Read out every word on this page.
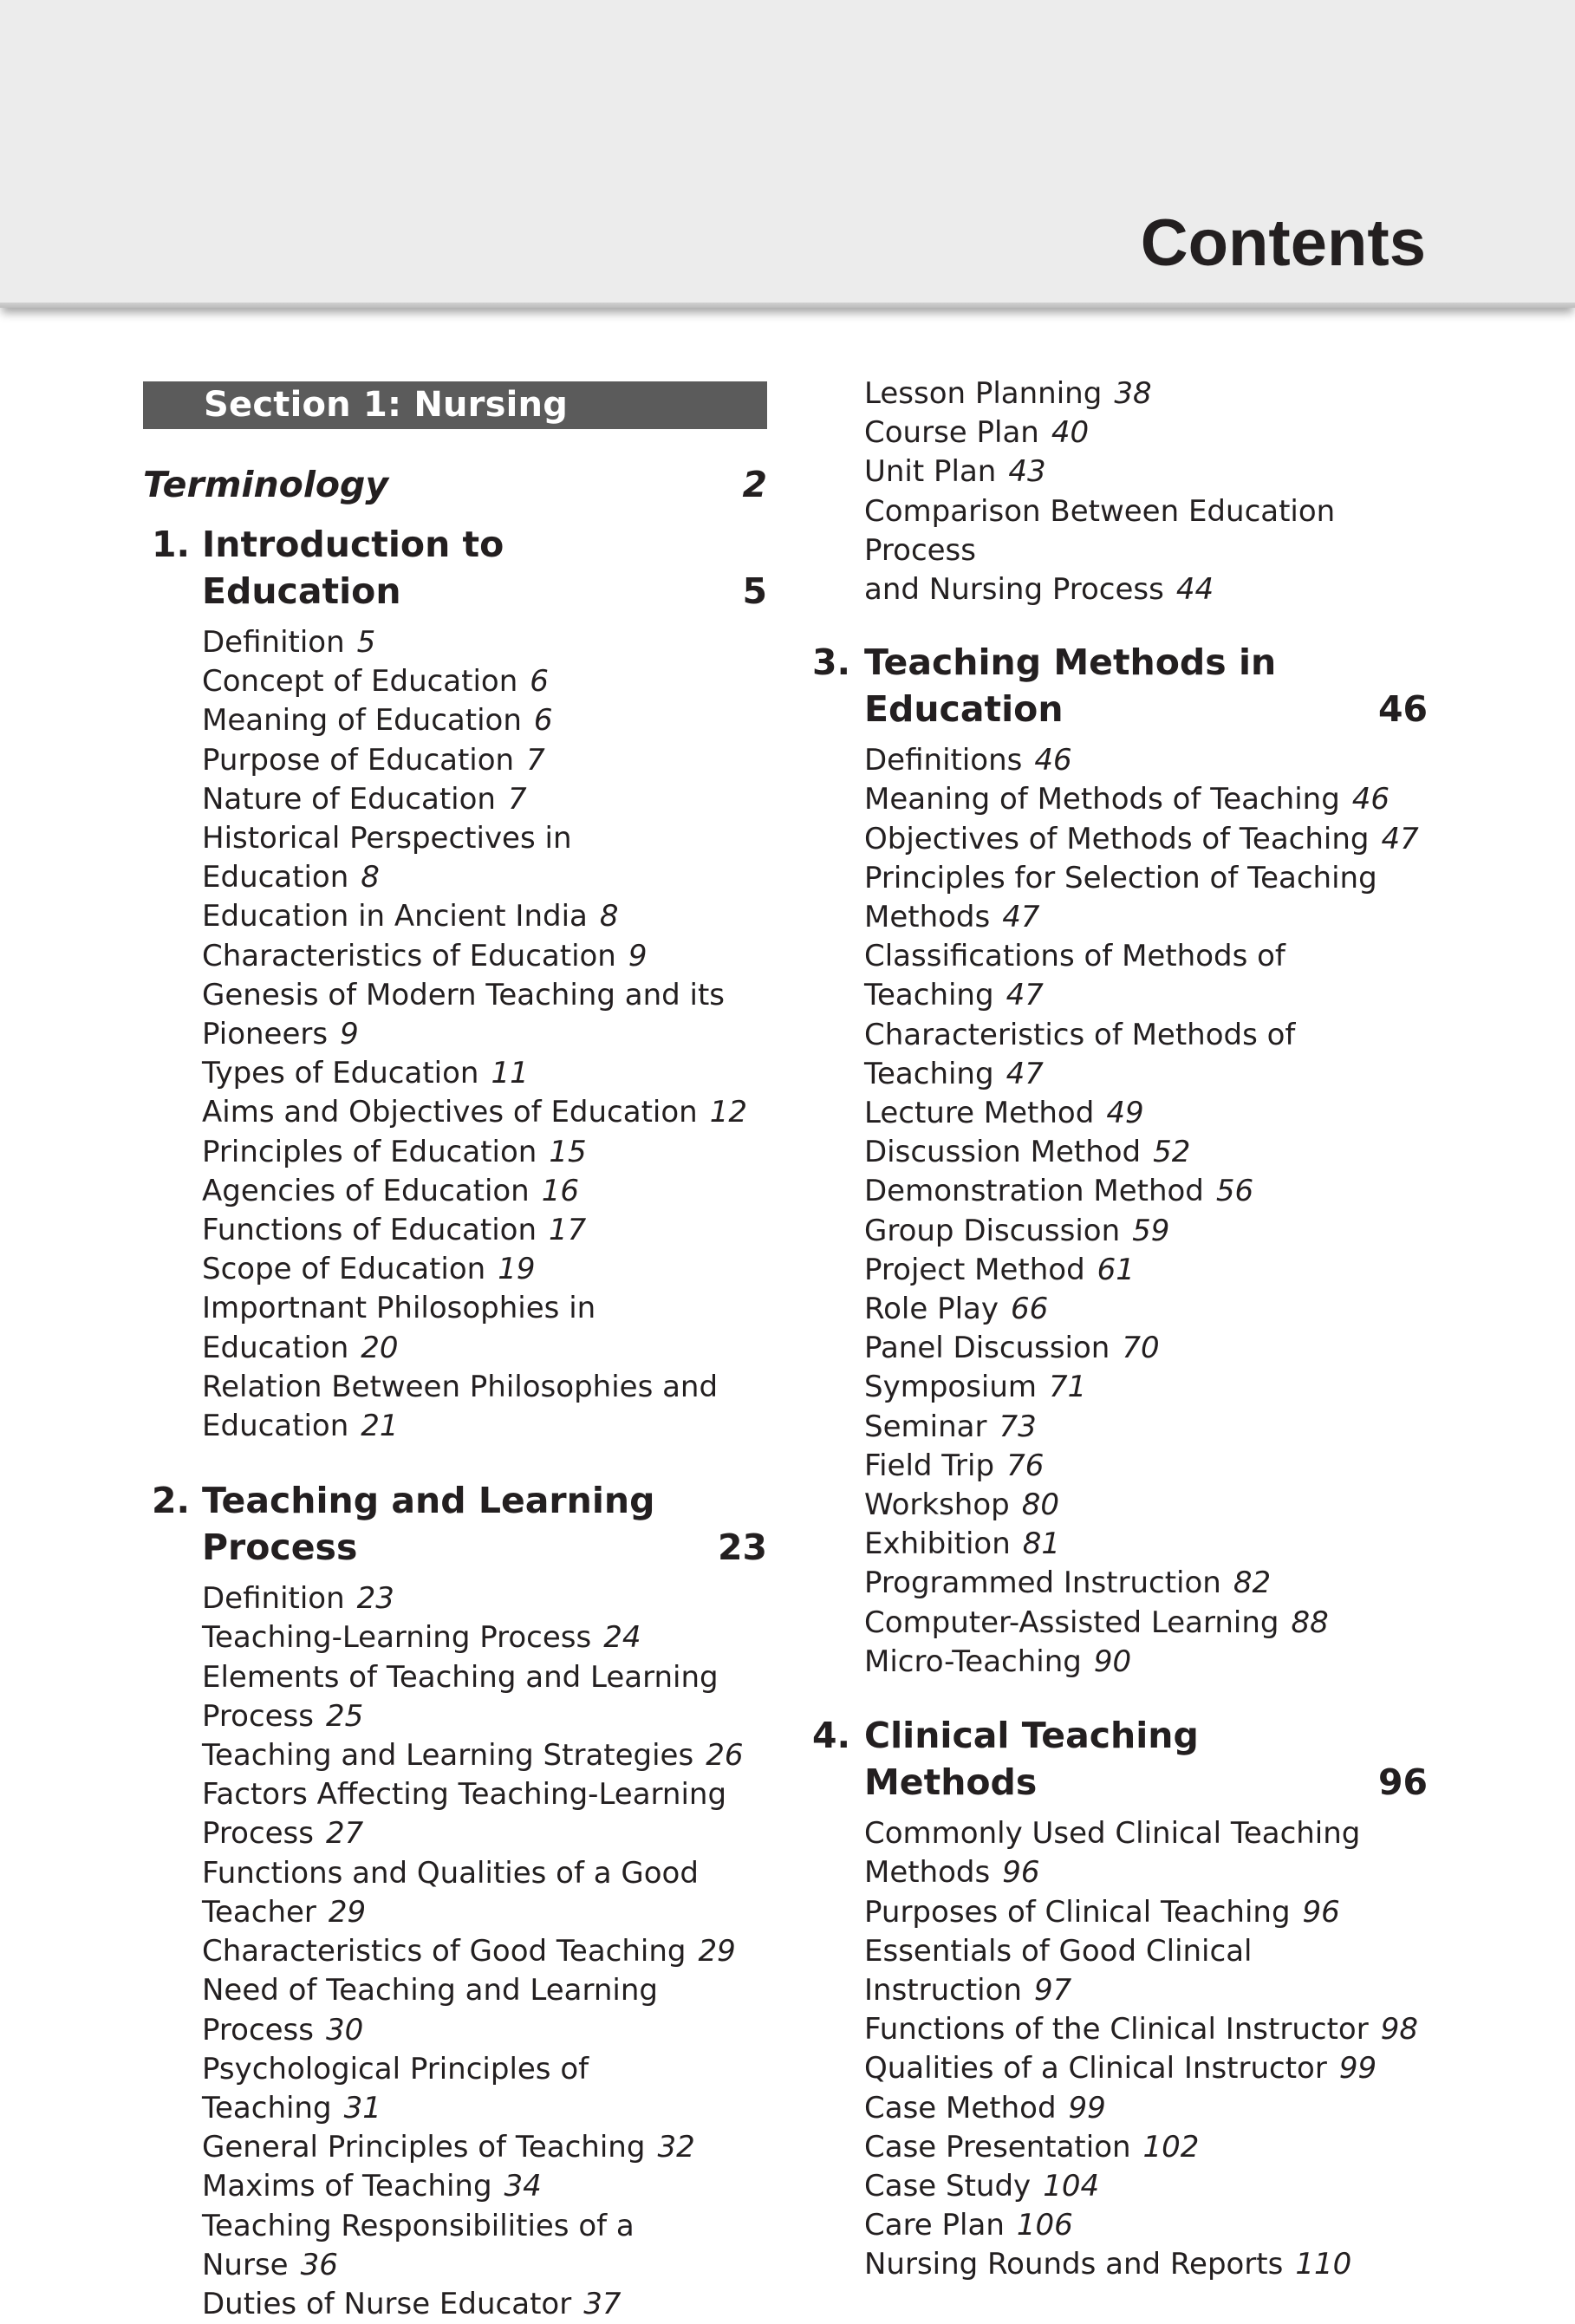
Contents
Section 1: Nursing Education
Terminology	2
1. Introduction to Education	5
Definition 5
Concept of Education 6
Meaning of Education 6
Purpose of Education 7
Nature of Education 7
Historical Perspectives in Education 8
Education in Ancient India 8
Characteristics of Education 9
Genesis of Modern Teaching and its
Pioneers 9
Types of Education 11
Aims and Objectives of Education 12
Principles of Education 15
Agencies of Education 16
Functions of Education 17
Scope of Education 19
Importnant Philosophies in Education 20
Relation Between Philosophies and
Education 21
2. Teaching and Learning
Process	23
Definition 23
Teaching-Learning Process 24
Elements of Teaching and Learning
Process 25
Teaching and Learning Strategies 26
Factors Affecting Teaching-Learning
Process 27
Functions and Qualities of a Good
Teacher 29
Characteristics of Good Teaching 29
Need of Teaching and Learning
Process 30
Psychological Principles of Teaching 31
General Principles of Teaching 32
Maxims of Teaching 34
Teaching Responsibilities of a Nurse 36
Duties of Nurse Educator 37
Lesson Planning 38
Course Plan 40
Unit Plan 43
Comparison Between Education Process
and Nursing Process 44
3. Teaching Methods in
Education	46
Definitions 46
Meaning of Methods of Teaching 46
Objectives of Methods of Teaching 47
Principles for Selection of Teaching
Methods 47
Classifications of Methods of Teaching 47
Characteristics of Methods of
Teaching 47
Lecture Method 49
Discussion Method 52
Demonstration Method 56
Group Discussion 59
Project Method 61
Role Play 66
Panel Discussion 70
Symposium 71
Seminar 73
Field Trip 76
Workshop 80
Exhibition 81
Programmed Instruction 82
Computer-Assisted Learning 88
Micro-Teaching 90
4. Clinical Teaching Methods	96
Commonly Used Clinical Teaching
Methods 96
Purposes of Clinical Teaching 96
Essentials of Good Clinical Instruction 97
Functions of the Clinical Instructor 98
Qualities of a Clinical Instructor 99
Case Method 99
Case Presentation 102
Case Study 104
Care Plan 106
Nursing Rounds and Reports 110
